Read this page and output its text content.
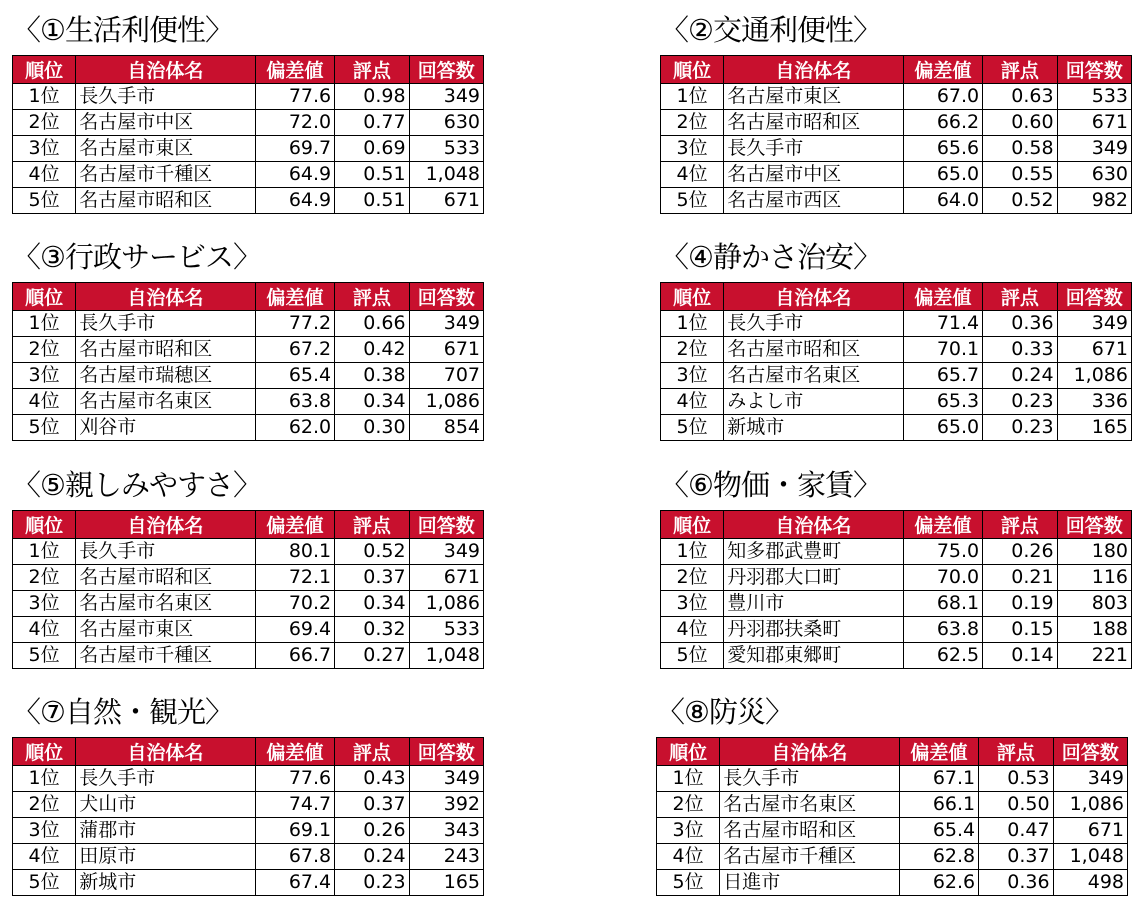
〈①生活利便性〉
順位	自治体名	偏差値	評点	回答数
1位	長久手市	77.6	0.98	349
2位	名古屋市中区	72.0	0.77	630
3位	名古屋市東区	69.7	0.69	533
4位	名古屋市千種区	64.9	0.51	1,048
5位	名古屋市昭和区	64.9	0.51	671
〈②交通利便性〉
順位	自治体名	偏差値	評点	回答数
1位	名古屋市東区	67.0	0.63	533
2位	名古屋市昭和区	66.2	0.60	671
3位	長久手市	65.6	0.58	349
4位	名古屋市中区	65.0	0.55	630
5位	名古屋市西区	64.0	0.52	982
〈③行政サービス〉
順位	自治体名	偏差値	評点	回答数
1位	長久手市	77.2	0.66	349
2位	名古屋市昭和区	67.2	0.42	671
3位	名古屋市瑞穂区	65.4	0.38	707
4位	名古屋市名東区	63.8	0.34	1,086
5位	刈谷市	62.0	0.30	854
〈④静かさ治安〉
順位	自治体名	偏差値	評点	回答数
1位	長久手市	71.4	0.36	349
2位	名古屋市昭和区	70.1	0.33	671
3位	名古屋市名東区	65.7	0.24	1,086
4位	みよし市	65.3	0.23	336
5位	新城市	65.0	0.23	165
〈⑤親しみやすさ〉
順位	自治体名	偏差値	評点	回答数
1位	長久手市	80.1	0.52	349
2位	名古屋市昭和区	72.1	0.37	671
3位	名古屋市名東区	70.2	0.34	1,086
4位	名古屋市東区	69.4	0.32	533
5位	名古屋市千種区	66.7	0.27	1,048
〈⑥物価・家賃〉
順位	自治体名	偏差値	評点	回答数
1位	知多郡武豊町	75.0	0.26	180
2位	丹羽郡大口町	70.0	0.21	116
3位	豊川市	68.1	0.19	803
4位	丹羽郡扶桑町	63.8	0.15	188
5位	愛知郡東郷町	62.5	0.14	221
〈⑦自然・観光〉
順位	自治体名	偏差値	評点	回答数
1位	長久手市	77.6	0.43	349
2位	犬山市	74.7	0.37	392
3位	蒲郡市	69.1	0.26	343
4位	田原市	67.8	0.24	243
5位	新城市	67.4	0.23	165
〈⑧防災〉
順位	自治体名	偏差値	評点	回答数
1位	長久手市	67.1	0.53	349
2位	名古屋市名東区	66.1	0.50	1,086
3位	名古屋市昭和区	65.4	0.47	671
4位	名古屋市千種区	62.8	0.37	1,048
5位	日進市	62.6	0.36	498
